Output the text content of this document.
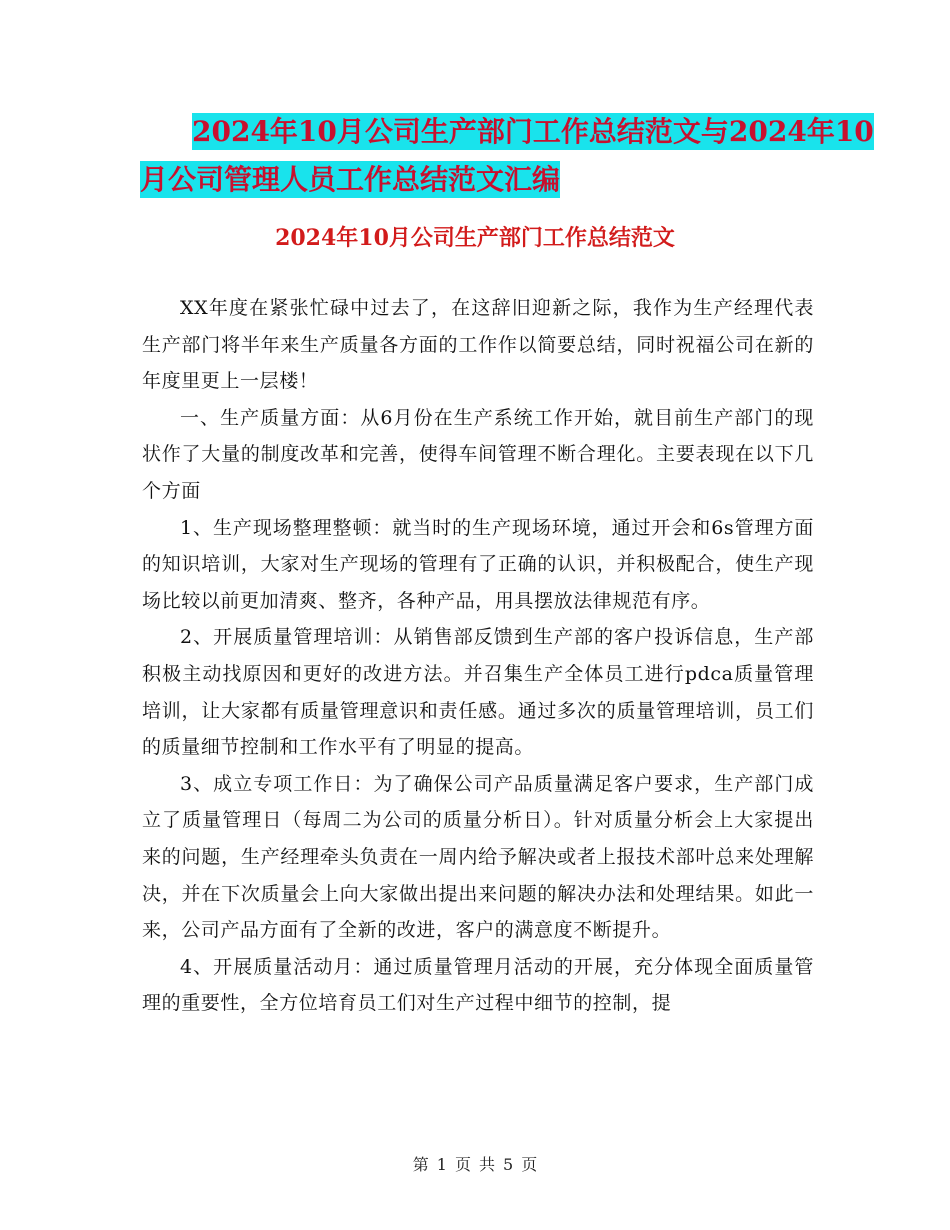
2024年10月公司生产部门工作总结范文与2024年10
月公司管理人员工作总结范文汇编
2024年10月公司生产部门工作总结范文

XX年度在紧张忙碌中过去了，在这辞旧迎新之际，我作为生产经理代表生产部门将半年来生产质量各方面的工作作以简要总结，同时祝福公司在新的年度里更上一层楼！

一、生产质量方面：从6月份在生产系统工作开始，就目前生产部门的现状作了大量的制度改革和完善，使得车间管理不断合理化。主要表现在以下几个方面

1、生产现场整理整顿：就当时的生产现场环境，通过开会和6s管理方面的知识培训，大家对生产现场的管理有了正确的认识，并积极配合，使生产现场比较以前更加清爽、整齐，各种产品，用具摆放法律规范有序。

2、开展质量管理培训：从销售部反馈到生产部的客户投诉信息，生产部积极主动找原因和更好的改进方法。并召集生产全体员工进行pdca质量管理培训，让大家都有质量管理意识和责任感。通过多次的质量管理培训，员工们的质量细节控制和工作水平有了明显的提高。

3、成立专项工作日：为了确保公司产品质量满足客户要求，生产部门成立了质量管理日（每周二为公司的质量分析日）。针对质量分析会上大家提出来的问题，生产经理牵头负责在一周内给予解决或者上报技术部叶总来处理解决，并在下次质量会上向大家做出提出来问题的解决办法和处理结果。如此一来，公司产品方面有了全新的改进，客户的满意度不断提升。

4、开展质量活动月：通过质量管理月活动的开展，充分体现全面质量管理的重要性，全方位培育员工们对生产过程中细节的控制，提

第 1 页 共 5 页
